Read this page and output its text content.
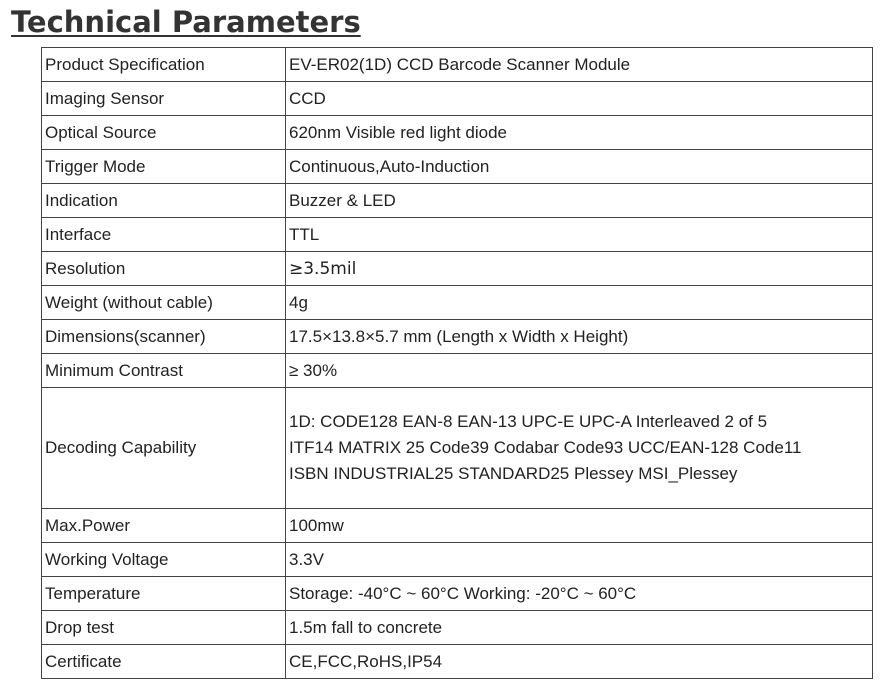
Technical Parameters
Product Specification	EV-ER02(1D) CCD Barcode Scanner Module
Imaging Sensor	CCD
Optical Source	620nm Visible red light diode
Trigger Mode	Continuous,Auto-Induction
Indication	Buzzer & LED
Interface	TTL
Resolution	≥3.5mil
Weight (without cable)	4g
Dimensions(scanner)	17.5×13.8×5.7 mm (Length x Width x Height)
Minimum Contrast	≥ 30%
Decoding Capability	1D: CODE128 EAN-8 EAN-13 UPC-E UPC-A Interleaved 2 of 5
ITF14 MATRIX 25 Code39 Codabar Code93 UCC/EAN-128 Code11
ISBN INDUSTRIAL25 STANDARD25 Plessey MSI_Plessey

Max.Power	100mw
Working Voltage	3.3V
Temperature	Storage: -40°C ~ 60°C Working: -20°C ~ 60°C
Drop test	1.5m fall to concrete
Certificate	CE,FCC,RoHS,IP54
